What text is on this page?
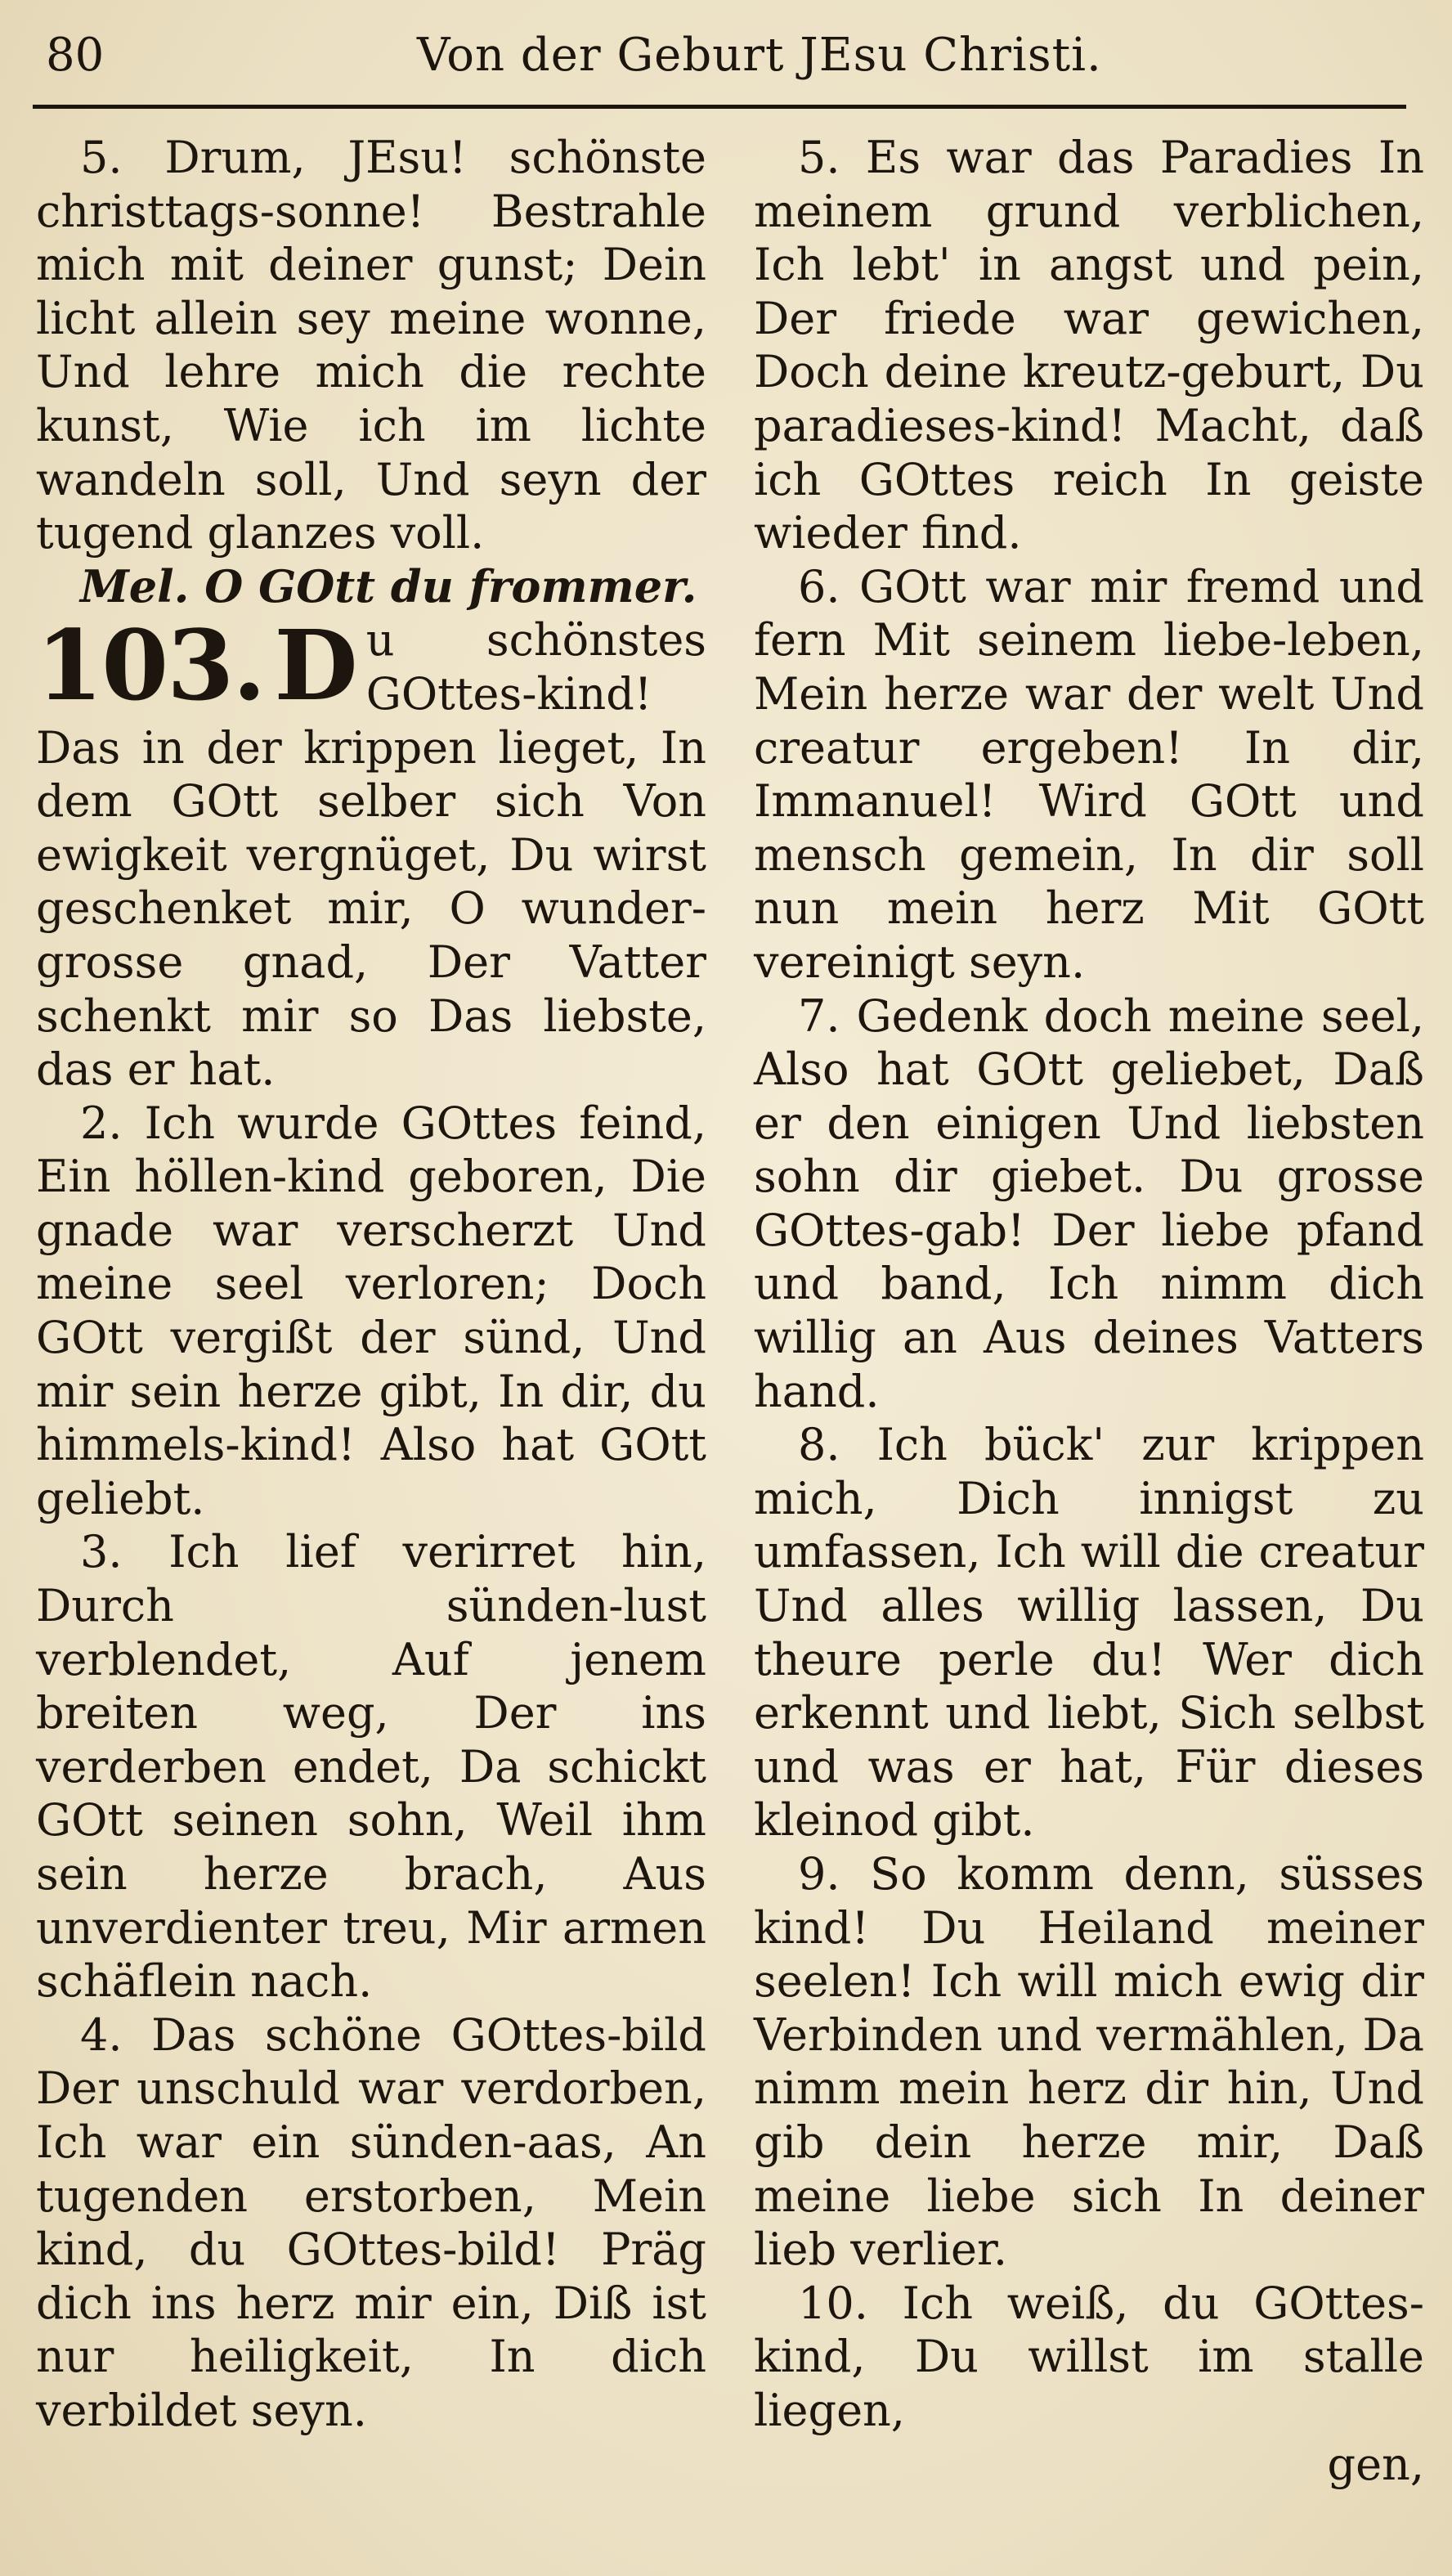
80	Von der Geburt JEsu Christi.

5. Drum, JEsu! schönste christtags-sonne! Bestrahle mich mit deiner gunst; Dein licht allein sey meine wonne, Und lehre mich die rechte kunst, Wie ich im lichte wandeln soll, Und seyn der tugend glanzes voll.

Mel. O GOtt du frommer.

103. D u schönstes GOttes-kind! Das in der krippen lieget, In dem GOtt selber sich Von ewigkeit vergnüget, Du wirst geschenket mir, O wunder-grosse gnad, Der Vatter schenkt mir so Das liebste, das er hat.

2. Ich wurde GOttes feind, Ein höllen-kind geboren, Die gnade war verscherzt Und meine seel verloren; Doch GOtt vergißt der sünd, Und mir sein herze gibt, In dir, du himmels-kind! Also hat GOtt geliebt.

3. Ich lief verirret hin, Durch sünden-lust verblendet, Auf jenem breiten weg, Der ins verderben endet, Da schickt GOtt seinen sohn, Weil ihm sein herze brach, Aus unverdienter treu, Mir armen schäflein nach.

4. Das schöne GOttes-bild Der unschuld war verdorben, Ich war ein sünden-aas, An tugenden erstorben, Mein kind, du GOttes-bild! Präg dich ins herz mir ein, Diß ist nur heiligkeit, In dich verbildet seyn.

5. Es war das Paradies In meinem grund verblichen, Ich lebt' in angst und pein, Der friede war gewichen, Doch deine kreutz-geburt, Du paradieses-kind! Macht, daß ich GOttes reich In geiste wieder find.

6. GOtt war mir fremd und fern Mit seinem liebe-leben, Mein herze war der welt Und creatur ergeben! In dir, Immanuel! Wird GOtt und mensch gemein, In dir soll nun mein herz Mit GOtt vereinigt seyn.

7. Gedenk doch meine seel, Also hat GOtt geliebet, Daß er den einigen Und liebsten sohn dir giebet. Du grosse GOttes-gab! Der liebe pfand und band, Ich nimm dich willig an Aus deines Vatters hand.

8. Ich bück' zur krippen mich, Dich innigst zu umfassen, Ich will die creatur Und alles willig lassen, Du theure perle du! Wer dich erkennt und liebt, Sich selbst und was er hat, Für dieses kleinod gibt.

9. So komm denn, süsses kind! Du Heiland meiner seelen! Ich will mich ewig dir Verbinden und vermählen, Da nimm mein herz dir hin, Und gib dein herze mir, Daß meine liebe sich In deiner lieb verlier.

10. Ich weiß, du GOttes-kind, Du willst im stalle liegen,

gen,
